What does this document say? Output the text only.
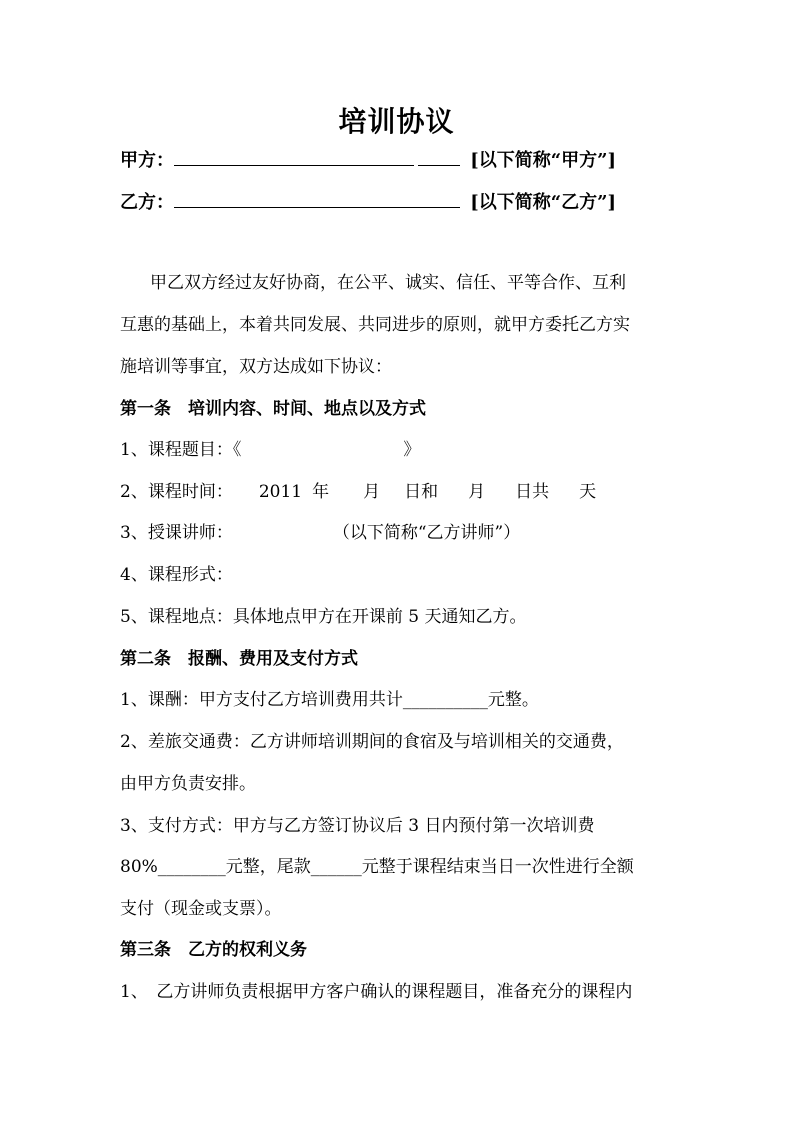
培训协议
甲方：	[以下简称“甲方”]
乙方：	[以下简称“乙方”]
甲乙双方经过友好协商，在公平、诚实、信任、平等合作、互利
互惠的基础上，本着共同发展、共同进步的原则，就甲方委托乙方实
施培训等事宜，双方达成如下协议：
第一条　培训内容、时间、地点以及方式
1、课程题目：《	》
2、课程时间： 2011 年 月 日和 月 日共 天
3、授课讲师：	（以下简称“乙方讲师”）
4、课程形式：
5、课程地点：具体地点甲方在开课前 5 天通知乙方。
第二条　报酬、费用及支付方式
1、课酬：甲方支付乙方培训费用共计__________元整。
2、差旅交通费：乙方讲师培训期间的食宿及与培训相关的交通费，
由甲方负责安排。
3、支付方式：甲方与乙方签订协议后 3 日内预付第一次培训费
80%________元整，尾款______元整于课程结束当日一次性进行全额
支付（现金或支票）。
第三条　乙方的权利义务
1、　乙方讲师负责根据甲方客户确认的课程题目，准备充分的课程内
